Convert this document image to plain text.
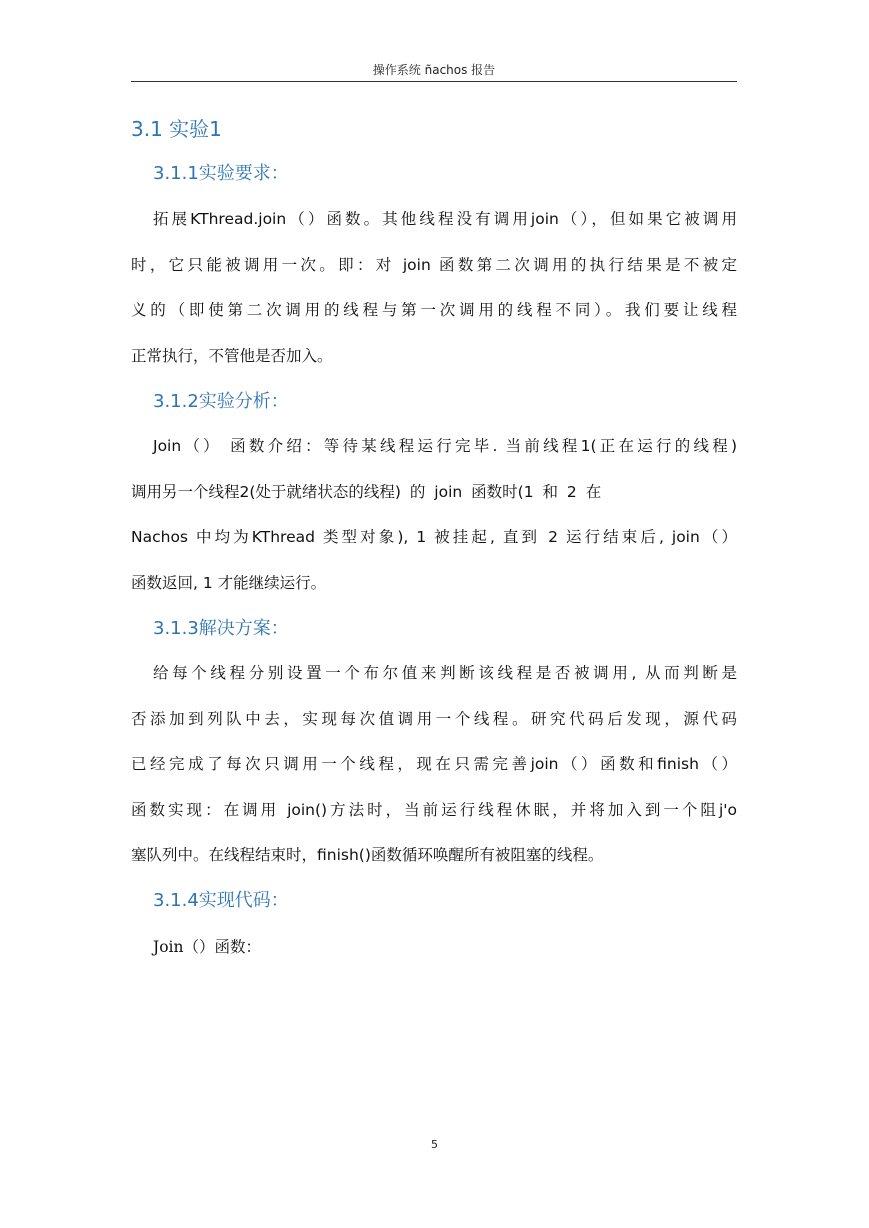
操作系统 ñachos 报告
3.1 实验1
3.1.1实验要求：
拓展KThread.join（）函数。其他线程没有调用join（），但如果它被调用
时，它只能被调用一次。即：对 join 函数第二次调用的执行结果是不被定
义的（即使第二次调用的线程与第一次调用的线程不同）。我们要让线程
正常执行，不管他是否加入。
3.1.2实验分析：
Join（） 函数介绍：等待某线程运行完毕. 当前线程1(正在运行的线程)
调用另一个线程2(处于就绪状态的线程) 的 join 函数时(1 和 2 在
Nachos 中均为KThread 类型对象), 1 被挂起, 直到 2 运行结束后, join（）
函数返回, 1 才能继续运行。
3.1.3解决方案：
给每个线程分别设置一个布尔值来判断该线程是否被调用, 从而判断是
否添加到列队中去，实现每次值调用一个线程。研究代码后发现，源代码
已经完成了每次只调用一个线程，现在只需完善join（）函数和finish（）
函数实现：在调用 join()方法时，当前运行线程休眠，并将加入到一个阻j'o
塞队列中。在线程结束时，finish()函数循环唤醒所有被阻塞的线程。
3.1.4实现代码：
Join（）函数：
5
